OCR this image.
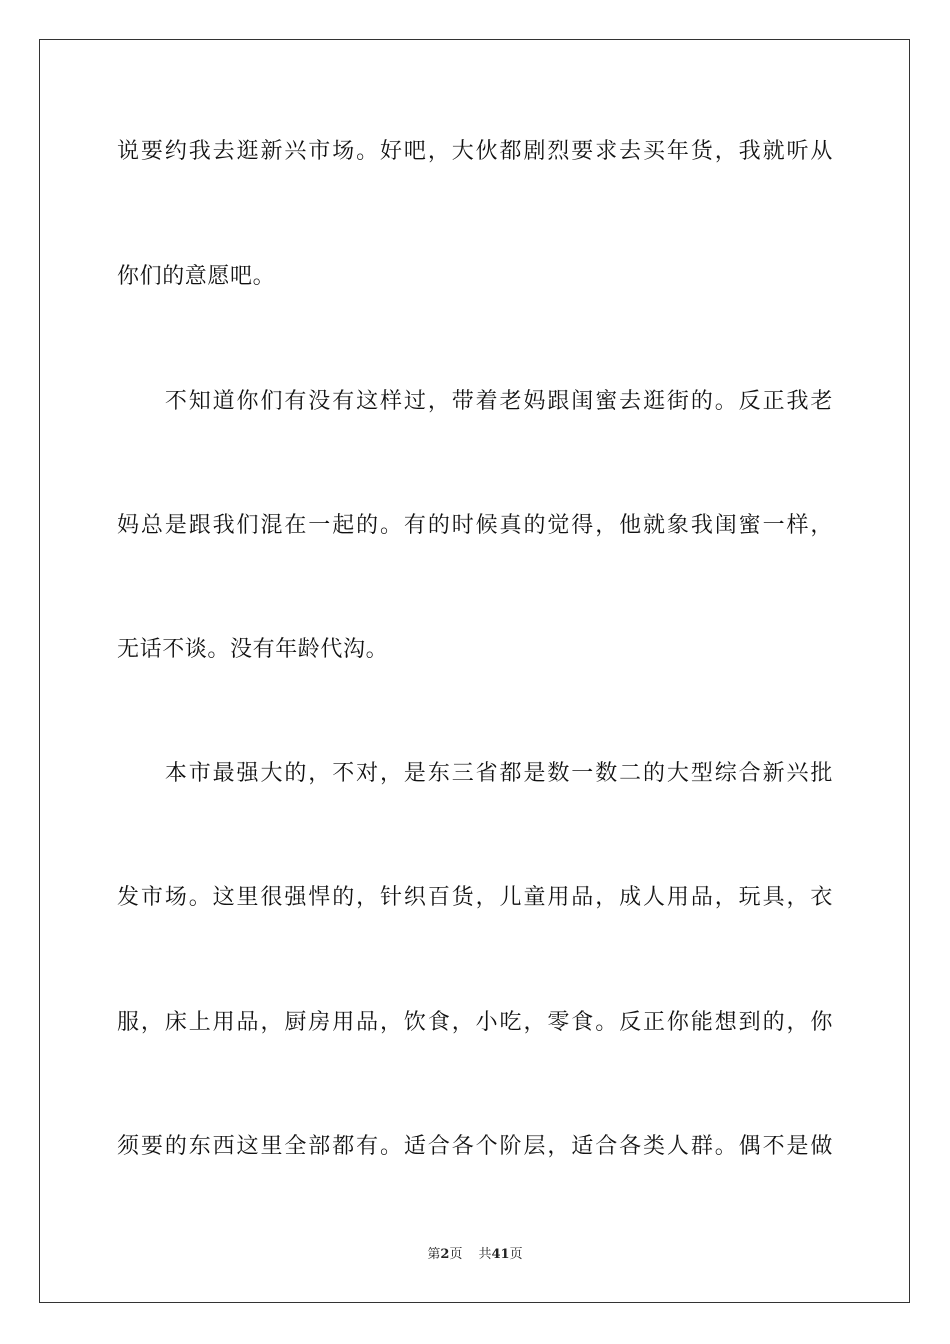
说要约我去逛新兴市场。好吧，大伙都剧烈要求去买年货，我就听从
你们的意愿吧。
　　不知道你们有没有这样过，带着老妈跟闺蜜去逛街的。反正我老
妈总是跟我们混在一起的。有的时候真的觉得，他就象我闺蜜一样，
无话不谈。没有年龄代沟。
　　本市最强大的，不对，是东三省都是数一数二的大型综合新兴批
发市场。这里很强悍的，针织百货，儿童用品，成人用品，玩具，衣
服，床上用品，厨房用品，饮食，小吃，零食。反正你能想到的，你
须要的东西这里全部都有。适合各个阶层，适合各类人群。偶不是做
第2页 共41页
